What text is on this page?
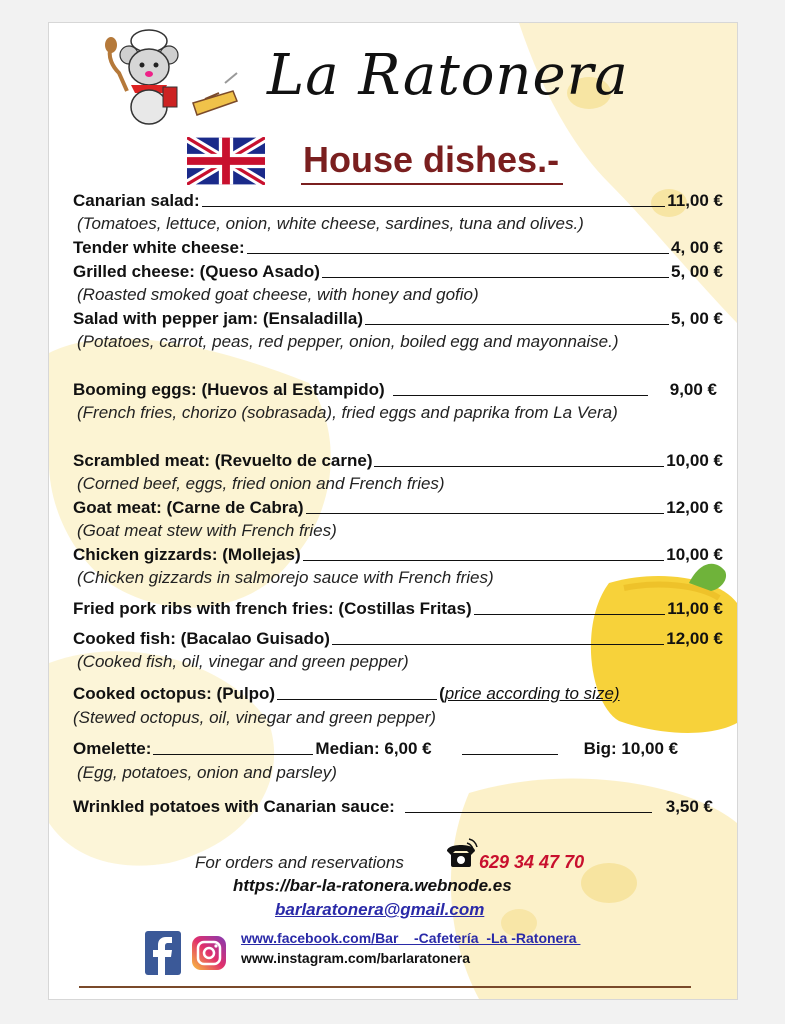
La Ratonera
House dishes.-
Canarian salad:	11,00 €
(Tomatoes, lettuce, onion, white cheese, sardines, tuna and olives.)
Tender white cheese:	4, 00 €
Grilled cheese: (Queso Asado)	5, 00 €
(Roasted smoked goat cheese, with honey and gofio)
Salad with pepper jam: (Ensaladilla)	5, 00 €
(Potatoes, carrot, peas, red pepper, onion, boiled egg and mayonnaise.)
Booming eggs: (Huevos al Estampido)	9,00 €
(French fries, chorizo (sobrasada), fried eggs and paprika from La Vera)
Scrambled meat: (Revuelto de carne)	10,00 €
(Corned beef, eggs, fried onion and French fries)
Goat meat: (Carne de Cabra)	12,00 €
(Goat meat stew with French fries)
Chicken gizzards: (Mollejas)	10,00 €
(Chicken gizzards in salmorejo sauce with French fries)
Fried pork ribs with french fries: (Costillas Fritas)	11,00 €
Cooked fish: (Bacalao Guisado)	12,00 €
(Cooked fish, oil, vinegar and green pepper)
Cooked octopus: (Pulpo)	(price according to size)
(Stewed octopus, oil, vinegar and green pepper)
Omelette:	Median: 6,00 €	Big: 10,00 €
(Egg, potatoes, onion and parsley)
Wrinkled potatoes with Canarian sauce:	3,50 €
For orders and reservations	629 34 47 70
https://bar-la-ratonera.webnode.es
barlaratonera@gmail.com
www.facebook.com/Bar    -Cafetería  -La -Ratonera
www.instagram.com/barlaratonera
